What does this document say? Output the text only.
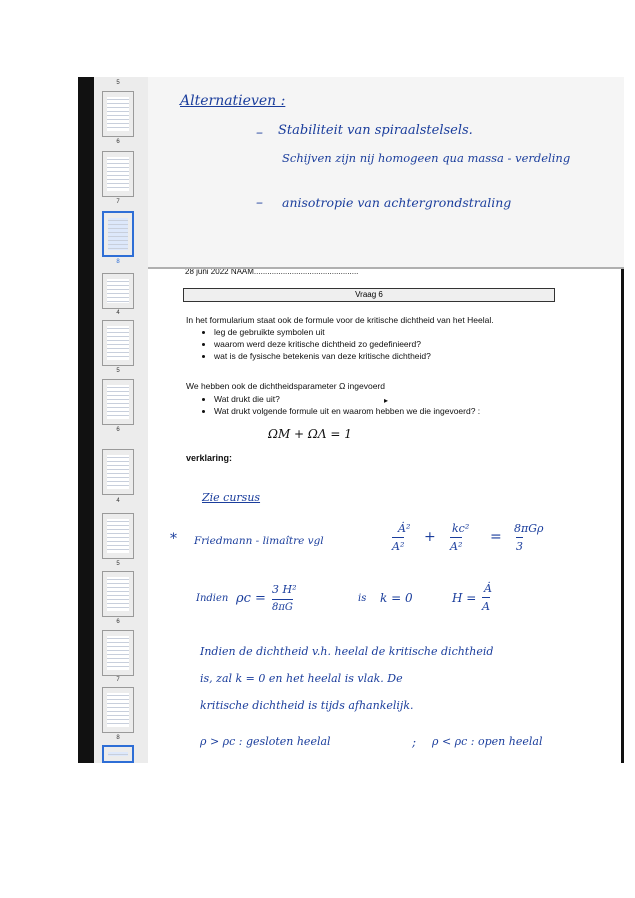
5
6
7
8
4
5
6
4
5
6
7
8
Alternatieven :
– Stabiliteit van spiraalstelsels.
Schijven zijn nij homogeen qua massa - verdeling
– anisotropie van achtergrondstraling
28 juni 2022 NAAM...............................................
Vraag 6
In het formularium staat ook de formule voor de kritische dichtheid van het Heelal.
• leg de gebruikte symbolen uit
• waarom werd deze kritische dichtheid zo gedefinieerd?
• wat is de fysische betekenis van deze kritische dichtheid?
We hebben ook de dichtheidsparameter Ω ingevoerd
• Wat drukt die uit?
• Wat drukt volgende formule uit en waarom hebben we die ingevoerd? :
ΩM + ΩΛ = 1
verklaring:
▸
Zie cursus
* Friedmann - limaître vgl
Ȧ²
A²
+
kc²
A²
=
8πGρ
3
Indien ρc =
3 H²
8πG
is k = 0	H =
Ȧ
A
Indien de dichtheid v.h. heelal de kritische dichtheid
is, zal k = 0 en het heelal is vlak. De
kritische dichtheid is tijds afhankelijk.
ρ > ρc : gesloten heelal	; ρ < ρc : open heelal
